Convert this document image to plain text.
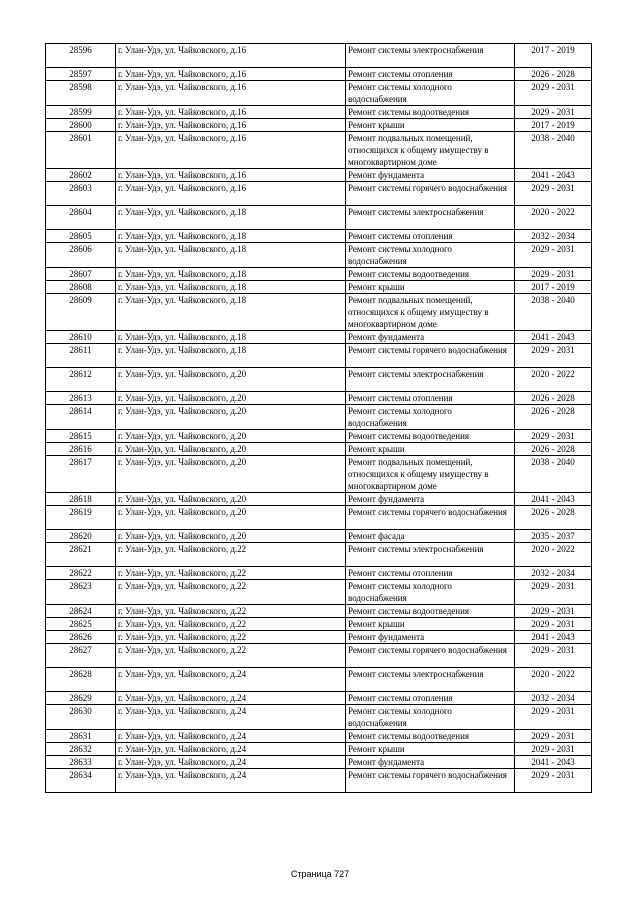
28596	г. Улан-Удэ, ул. Чайковского, д.16	Ремонт системы электроснабжения	2017 - 2019
28597	г. Улан-Удэ, ул. Чайковского, д.16	Ремонт системы отопления	2026 - 2028
28598	г. Улан-Удэ, ул. Чайковского, д.16	Ремонт системы холодного водоснабжения	2029 - 2031
28599	г. Улан-Удэ, ул. Чайковского, д.16	Ремонт системы водоотведения	2029 - 2031
28600	г. Улан-Удэ, ул. Чайковского, д.16	Ремонт крыши	2017 - 2019
28601	г. Улан-Удэ, ул. Чайковского, д.16	Ремонт подвальных помещений, относящихся к общему имуществу в многоквартирном доме	2038 - 2040
28602	г. Улан-Удэ, ул. Чайковского, д.16	Ремонт фундамента	2041 - 2043
28603	г. Улан-Удэ, ул. Чайковского, д.16	Ремонт системы горячего водоснабжения	2029 - 2031
28604	г. Улан-Удэ, ул. Чайковского, д.18	Ремонт системы электроснабжения	2020 - 2022
28605	г. Улан-Удэ, ул. Чайковского, д.18	Ремонт системы отопления	2032 - 2034
28606	г. Улан-Удэ, ул. Чайковского, д.18	Ремонт системы холодного водоснабжения	2029 - 2031
28607	г. Улан-Удэ, ул. Чайковского, д.18	Ремонт системы водоотведения	2029 - 2031
28608	г. Улан-Удэ, ул. Чайковского, д.18	Ремонт крыши	2017 - 2019
28609	г. Улан-Удэ, ул. Чайковского, д.18	Ремонт подвальных помещений, относящихся к общему имуществу в многоквартирном доме	2038 - 2040
28610	г. Улан-Удэ, ул. Чайковского, д.18	Ремонт фундамента	2041 - 2043
28611	г. Улан-Удэ, ул. Чайковского, д.18	Ремонт системы горячего водоснабжения	2029 - 2031
28612	г. Улан-Удэ, ул. Чайковского, д.20	Ремонт системы электроснабжения	2020 - 2022
28613	г. Улан-Удэ, ул. Чайковского, д.20	Ремонт системы отопления	2026 - 2028
28614	г. Улан-Удэ, ул. Чайковского, д.20	Ремонт системы холодного водоснабжения	2026 - 2028
28615	г. Улан-Удэ, ул. Чайковского, д.20	Ремонт системы водоотведения	2029 - 2031
28616	г. Улан-Удэ, ул. Чайковского, д.20	Ремонт крыши	2026 - 2028
28617	г. Улан-Удэ, ул. Чайковского, д.20	Ремонт подвальных помещений, относящихся к общему имуществу в многоквартирном доме	2038 - 2040
28618	г. Улан-Удэ, ул. Чайковского, д.20	Ремонт фундамента	2041 - 2043
28619	г. Улан-Удэ, ул. Чайковского, д.20	Ремонт системы горячего водоснабжения	2026 - 2028
28620	г. Улан-Удэ, ул. Чайковского, д.20	Ремонт фасада	2035 - 2037
28621	г. Улан-Удэ, ул. Чайковского, д.22	Ремонт системы электроснабжения	2020 - 2022
28622	г. Улан-Удэ, ул. Чайковского, д.22	Ремонт системы отопления	2032 - 2034
28623	г. Улан-Удэ, ул. Чайковского, д.22	Ремонт системы холодного водоснабжения	2029 - 2031
28624	г. Улан-Удэ, ул. Чайковского, д.22	Ремонт системы водоотведения	2029 - 2031
28625	г. Улан-Удэ, ул. Чайковского, д.22	Ремонт крыши	2029 - 2031
28626	г. Улан-Удэ, ул. Чайковского, д.22	Ремонт фундамента	2041 - 2043
28627	г. Улан-Удэ, ул. Чайковского, д.22	Ремонт системы горячего водоснабжения	2029 - 2031
28628	г. Улан-Удэ, ул. Чайковского, д.24	Ремонт системы электроснабжения	2020 - 2022
28629	г. Улан-Удэ, ул. Чайковского, д.24	Ремонт системы отопления	2032 - 2034
28630	г. Улан-Удэ, ул. Чайковского, д.24	Ремонт системы холодного водоснабжения	2029 - 2031
28631	г. Улан-Удэ, ул. Чайковского, д.24	Ремонт системы водоотведения	2029 - 2031
28632	г. Улан-Удэ, ул. Чайковского, д.24	Ремонт крыши	2029 - 2031
28633	г. Улан-Удэ, ул. Чайковского, д.24	Ремонт фундамента	2041 - 2043
28634	г. Улан-Удэ, ул. Чайковского, д.24	Ремонт системы горячего водоснабжения	2029 - 2031
Страница 727
